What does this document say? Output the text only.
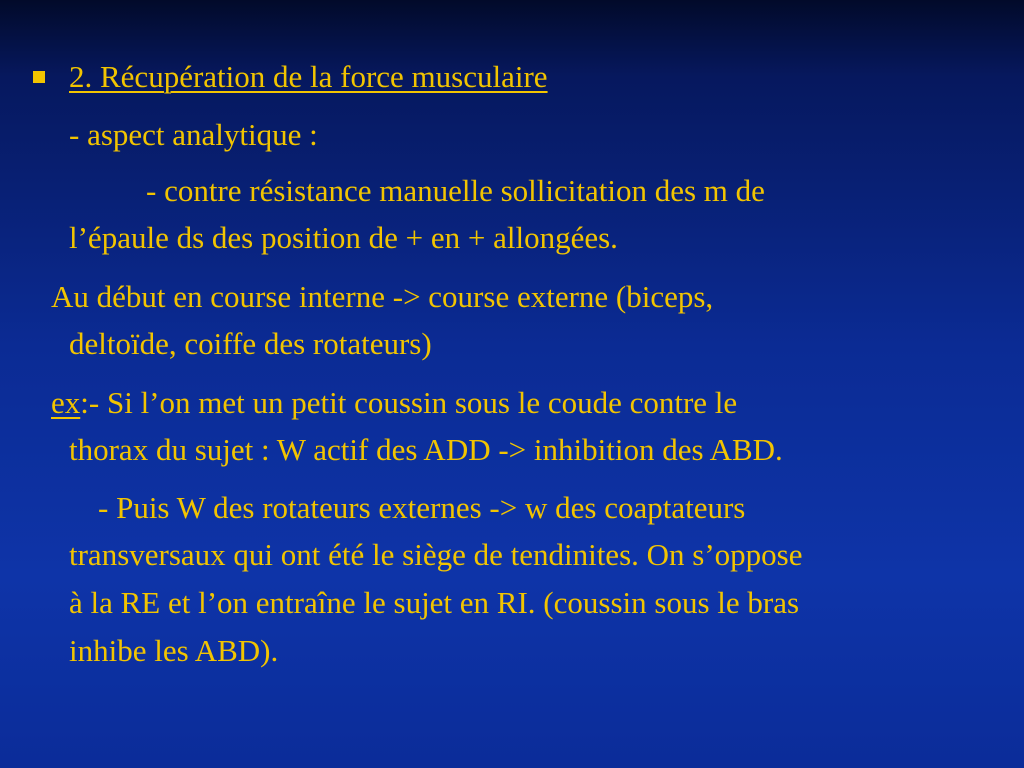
2. Récupération de la force musculaire
- aspect analytique :
- contre résistance manuelle sollicitation des m de
l’épaule ds des position de + en + allongées.
Au début en course interne -> course externe (biceps,
deltoïde, coiffe des rotateurs)
ex:- Si l’on met un petit coussin sous le coude contre le
thorax du sujet : W actif des ADD -> inhibition des ABD.
- Puis W des rotateurs externes -> w des coaptateurs
transversaux qui ont été le siège de tendinites. On s’oppose
à la RE et l’on entraîne le sujet en RI. (coussin sous le bras
inhibe les ABD).
